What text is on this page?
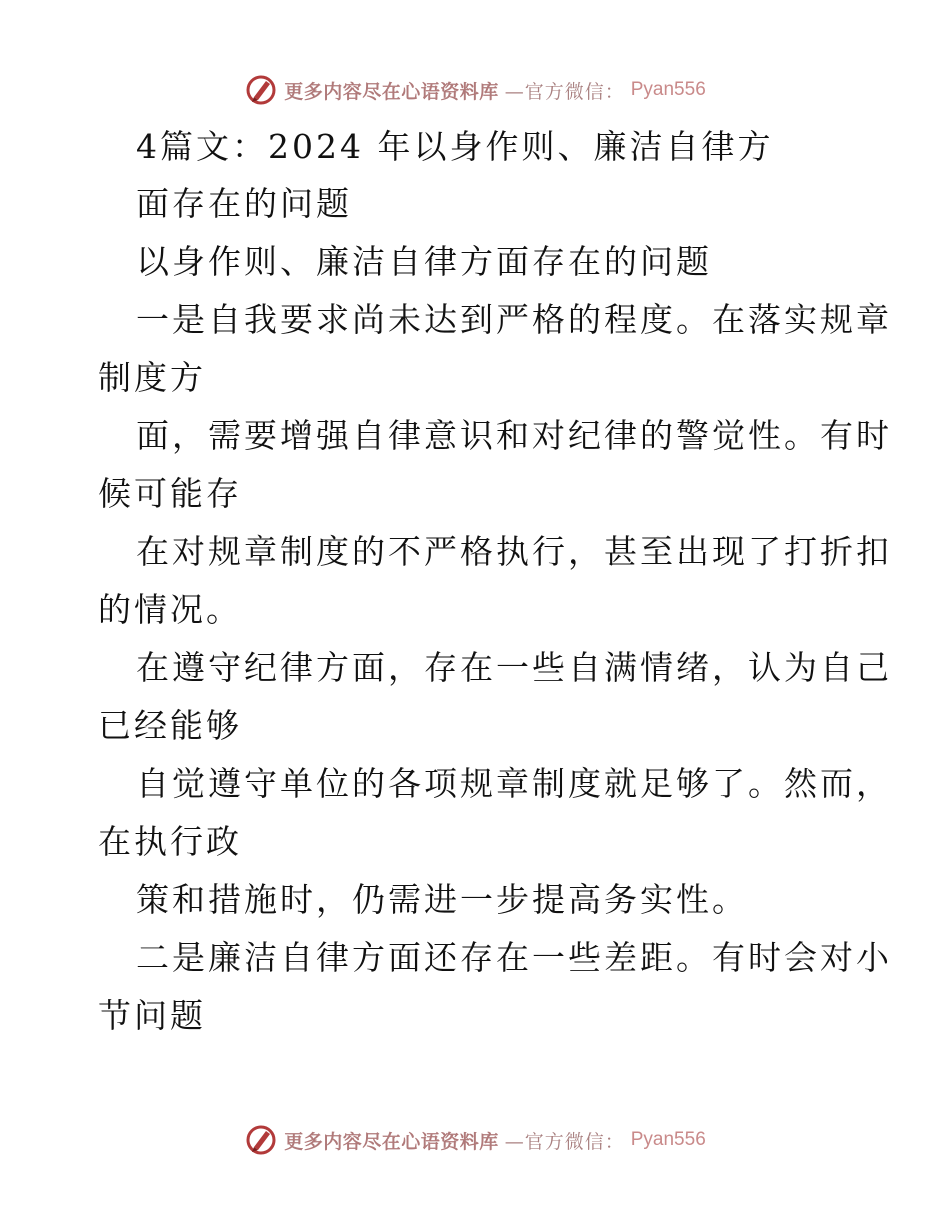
更多内容尽在心语资料库 —官方微信： Pyan556
4篇文：2024 年以身作则、廉洁自律方
面存在的问题
以身作则、廉洁自律方面存在的问题
一是自我要求尚未达到严格的程度。在落实规章
制度方
面，需要增强自律意识和对纪律的警觉性。有时
候可能存
在对规章制度的不严格执行，甚至出现了打折扣
的情况。
在遵守纪律方面，存在一些自满情绪，认为自己
已经能够
自觉遵守单位的各项规章制度就足够了。然而，
在执行政
策和措施时，仍需进一步提高务实性。
二是廉洁自律方面还存在一些差距。有时会对小
节问题
更多内容尽在心语资料库 —官方微信： Pyan556
